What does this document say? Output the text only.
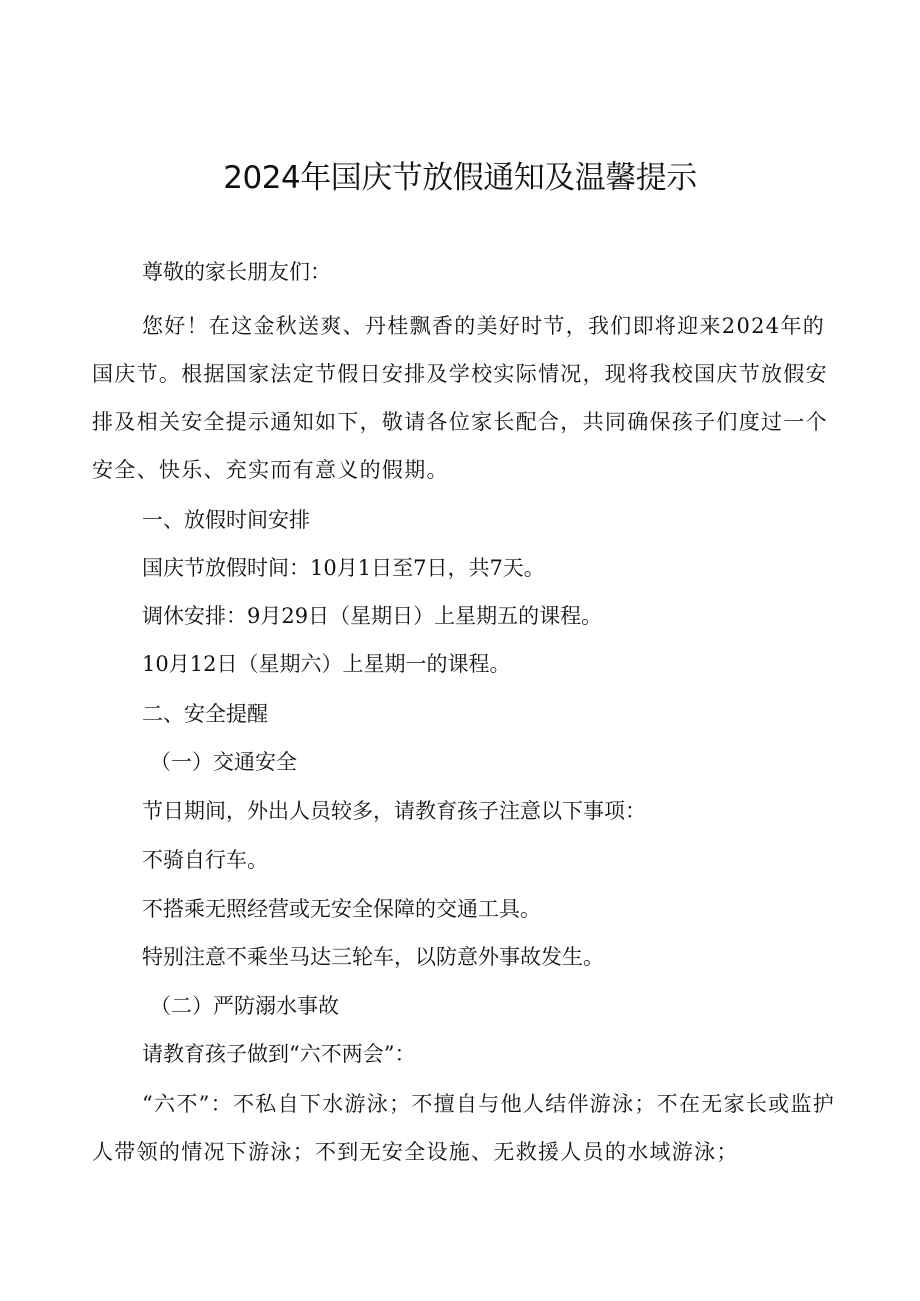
2024年国庆节放假通知及温馨提示

尊敬的家长朋友们：

您好！在这金秋送爽、丹桂飘香的美好时节，我们即将迎来2024年的国庆节。根据国家法定节假日安排及学校实际情况，现将我校国庆节放假安排及相关安全提示通知如下，敬请各位家长配合，共同确保孩子们度过一个安全、快乐、充实而有意义的假期。

一、放假时间安排

国庆节放假时间：10月1日至7日，共7天。

调休安排：9月29日（星期日）上星期五的课程。

10月12日（星期六）上星期一的课程。

二、安全提醒

（一）交通安全

节日期间，外出人员较多，请教育孩子注意以下事项：

不骑自行车。

不搭乘无照经营或无安全保障的交通工具。

特别注意不乘坐马达三轮车，以防意外事故发生。

（二）严防溺水事故

请教育孩子做到“六不两会”：

“六不”：不私自下水游泳；不擅自与他人结伴游泳；不在无家长或监护人带领的情况下游泳；不到无安全设施、无救援人员的水域游泳；
